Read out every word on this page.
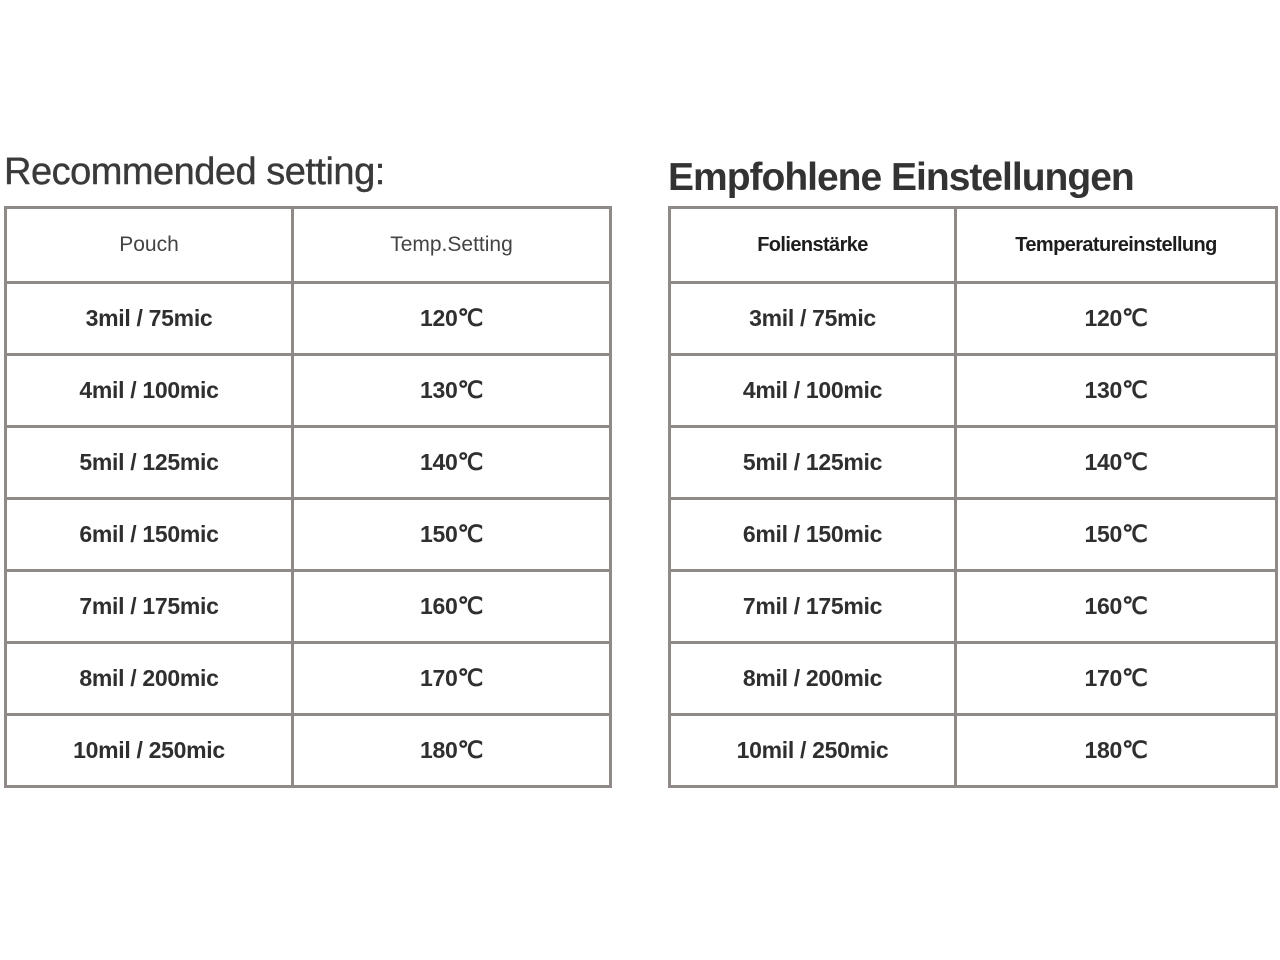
Recommended setting:
Pouch	Temp.Setting
3mil / 75mic	120℃
4mil / 100mic	130℃
5mil / 125mic	140℃
6mil / 150mic	150℃
7mil / 175mic	160℃
8mil / 200mic	170℃
10mil / 250mic	180℃
Empfohlene Einstellungen
Folienstärke	Temperatureinstellung
3mil / 75mic	120℃
4mil / 100mic	130℃
5mil / 125mic	140℃
6mil / 150mic	150℃
7mil / 175mic	160℃
8mil / 200mic	170℃
10mil / 250mic	180℃
